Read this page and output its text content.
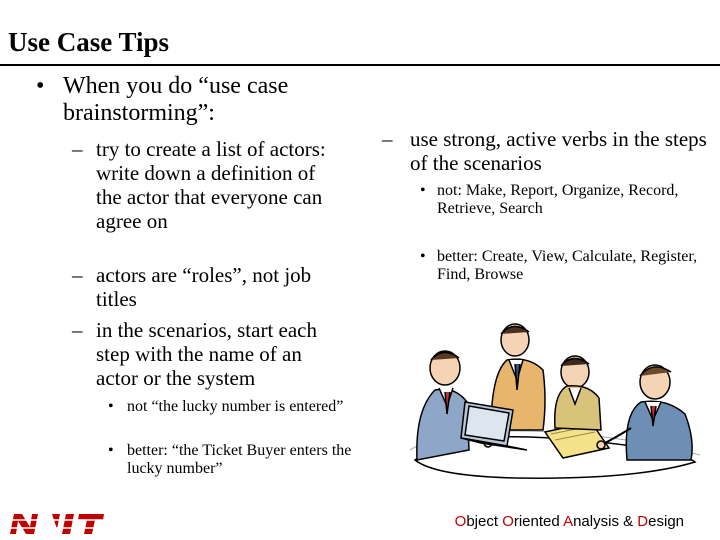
Use Case Tips
• When you do “use case brainstorming”:
– try to create a list of actors: write down a definition of the actor that everyone can agree on
– actors are “roles”, not job titles
– in the scenarios, start each step with the name of an actor or the system
• not “the lucky number is entered”
• better: “the Ticket Buyer enters the lucky number”
– use strong, active verbs in the steps of the scenarios
• not: Make, Report, Organize, Record, Retrieve, Search
• better: Create, View, Calculate, Register, Find, Browse
Object Oriented Analysis & Design
